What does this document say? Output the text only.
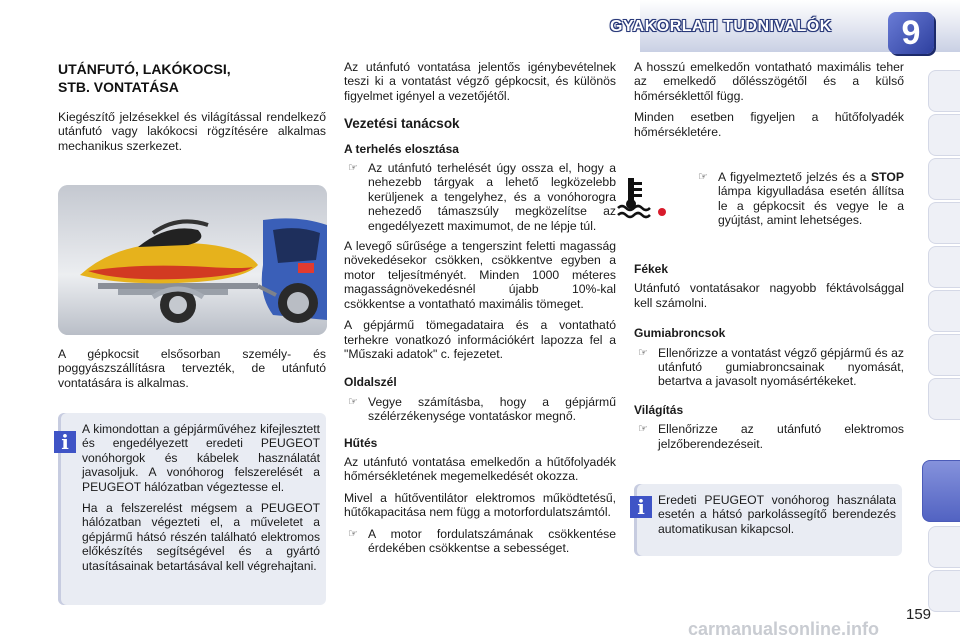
GYAKORLATI TUDNIVALÓK	9
UTÁNFUTÓ, LAKÓKOCSI,
STB. VONTATÁSA

Kiegészítő jelzésekkel és világítással rendelkező utánfutó vagy lakókocsi rögzítésére alkalmas mechanikus szerkezet.

A gépkocsit elsősorban személy- és poggyászszállításra tervezték, de utánfutó vontatására is alkalmas.

i

A kimondottan a gépjárművéhez kifejlesztett és engedélyezett eredeti PEUGEOT vonóhorgok és kábelek használatát javasoljuk. A vonóhorog felszerelését a PEUGEOT hálózatban végeztesse el.

Ha a felszerelést mégsem a PEUGEOT hálózatban végezteti el, a műveletet a gépjármű hátsó részén található elektromos előkészítés segítségével és a gyártó utasításainak betartásával kell végrehajtani.

Az utánfutó vontatása jelentős igénybevételnek teszi ki a vontatást végző gépkocsit, és különös figyelmet igényel a vezetőjétől.

Vezetési tanácsok
A terhelés elosztása
☞ Az utánfutó terhelését úgy ossza el, hogy a nehezebb tárgyak a lehető legközelebb kerüljenek a tengelyhez, és a vonóhorogra nehezedő támaszsúly megközelítse az engedélyezett maximumot, de ne lépje túl.

A levegő sűrűsége a tengerszint feletti magasság növekedésekor csökken, csökkentve egyben a motor teljesítményét. Minden 1000 méteres magasságnövekedésnél újabb 10%-kal csökkentse a vontatható maximális tömeget.

A gépjármű tömegadataira és a vontatható terhekre vonatkozó információkért lapozza fel a "Műszaki adatok" c. fejezetet.

Oldalszél
☞ Vegye számításba, hogy a gépjármű szélérzékenysége vontatáskor megnő.
Hűtés

Az utánfutó vontatása emelkedőn a hűtőfolyadék hőmérsékletének megemelkedését okozza.

Mivel a hűtőventilátor elektromos működtetésű, hűtőkapacitása nem függ a motorfordulatszámtól.

☞ A motor fordulatszámának csökkentése érdekében csökkentse a sebességet.

A hosszú emelkedőn vontatható maximális teher az emelkedő dőlésszögétől és a külső hőmérséklettől függ.

Minden esetben figyeljen a hűtőfolyadék hőmérsékletére.

☞ A figyelmeztető jelzés és a STOP lámpa kigyulladása esetén állítsa le a gépkocsit és vegye le a gyújtást, amint lehetséges.
Fékek

Utánfutó vontatásakor nagyobb féktávolsággal kell számolni.

Gumiabroncsok
☞ Ellenőrizze a vontatást végző gépjármű és az utánfutó gumiabroncsainak nyomását, betartva a javasolt nyomásértékeket.
Világítás
☞ Ellenőrizze az utánfutó elektromos jelzőberendezéseit.
i	Eredeti PEUGEOT vonóhorog használata esetén a hátsó parkolássegítő berendezés automatikusan kikapcsol.

159
carmanualsonline.info
